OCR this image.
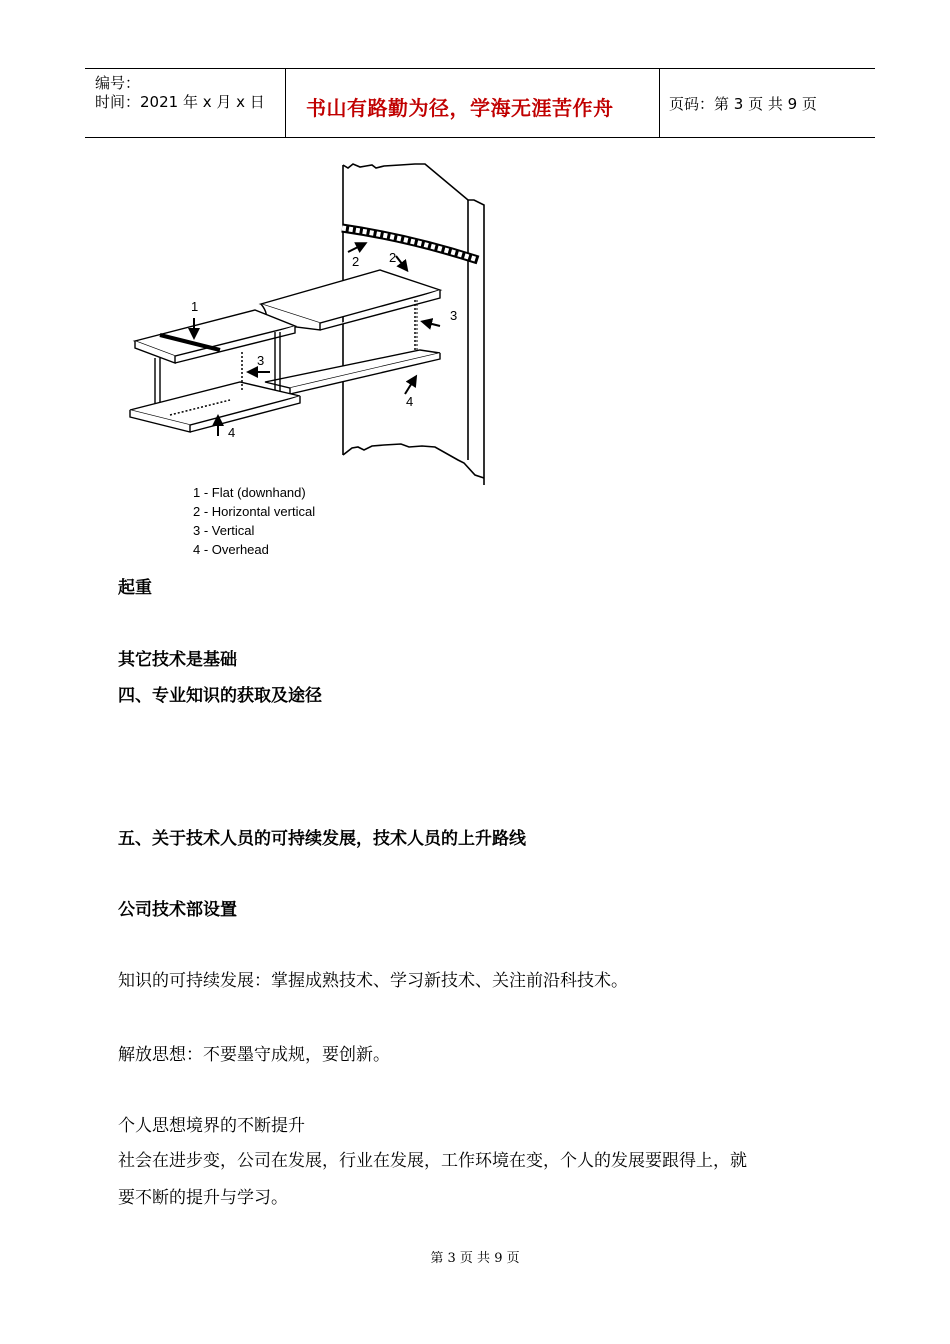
编号：
时间：2021 年 x 月 x 日 书山有路勤为径，学海无涯苦作舟	页码：第 3 页 共 9 页
1
2 2
3
3
4
4
1 - Flat (downhand)
2 - Horizontal vertical
3 - Vertical
4 - Overhead
起重
其它技术是基础
四、专业知识的获取及途径
五、关于技术人员的可持续发展，技术人员的上升路线
公司技术部设置
知识的可持续发展：掌握成熟技术、学习新技术、关注前沿科技术。
解放思想：不要墨守成规，要创新。
个人思想境界的不断提升
社会在进步变，公司在发展，行业在发展，工作环境在变，个人的发展要跟得上，就
要不断的提升与学习。
第 3 页 共 9 页
